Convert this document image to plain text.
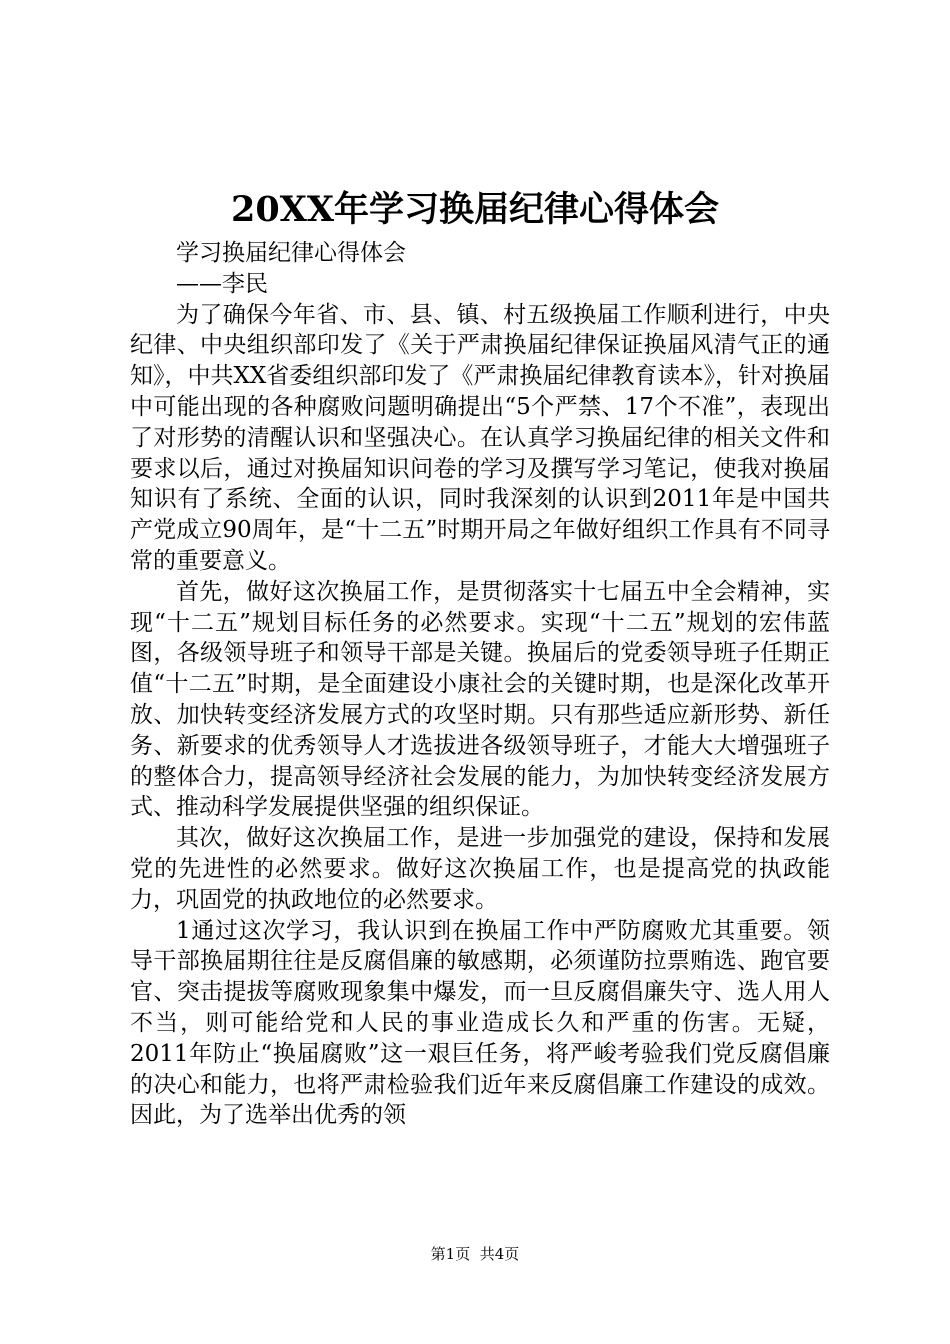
20XX年学习换届纪律心得体会

学习换届纪律心得体会

——李民

为了确保今年省、市、县、镇、村五级换届工作顺利进行，中央纪律、中央组织部印发了《关于严肃换届纪律保证换届风清气正的通知》，中共XX省委组织部印发了《严肃换届纪律教育读本》，针对换届中可能出现的各种腐败问题明确提出“5个严禁、17个不准”，表现出了对形势的清醒认识和坚强决心。在认真学习换届纪律的相关文件和要求以后，通过对换届知识问卷的学习及撰写学习笔记，使我对换届知识有了系统、全面的认识，同时我深刻的认识到2011年是中国共产党成立90周年，是“十二五”时期开局之年做好组织工作具有不同寻常的重要意义。

首先，做好这次换届工作，是贯彻落实十七届五中全会精神，实现“十二五”规划目标任务的必然要求。实现“十二五”规划的宏伟蓝图，各级领导班子和领导干部是关键。换届后的党委领导班子任期正值“十二五”时期，是全面建设小康社会的关键时期，也是深化改革开放、加快转变经济发展方式的攻坚时期。只有那些适应新形势、新任务、新要求的优秀领导人才选拔进各级领导班子，才能大大增强班子的整体合力，提高领导经济社会发展的能力，为加快转变经济发展方式、推动科学发展提供坚强的组织保证。

其次，做好这次换届工作，是进一步加强党的建设，保持和发展党的先进性的必然要求。做好这次换届工作，也是提高党的执政能力，巩固党的执政地位的必然要求。

1通过这次学习，我认识到在换届工作中严防腐败尤其重要。领导干部换届期往往是反腐倡廉的敏感期，必须谨防拉票贿选、跑官要官、突击提拔等腐败现象集中爆发，而一旦反腐倡廉失守、选人用人不当，则可能给党和人民的事业造成长久和严重的伤害。无疑，2011年防止“换届腐败”这一艰巨任务，将严峻考验我们党反腐倡廉的决心和能力，也将严肃检验我们近年来反腐倡廉工作建设的成效。因此，为了选举出优秀的领

第1页 共4页
